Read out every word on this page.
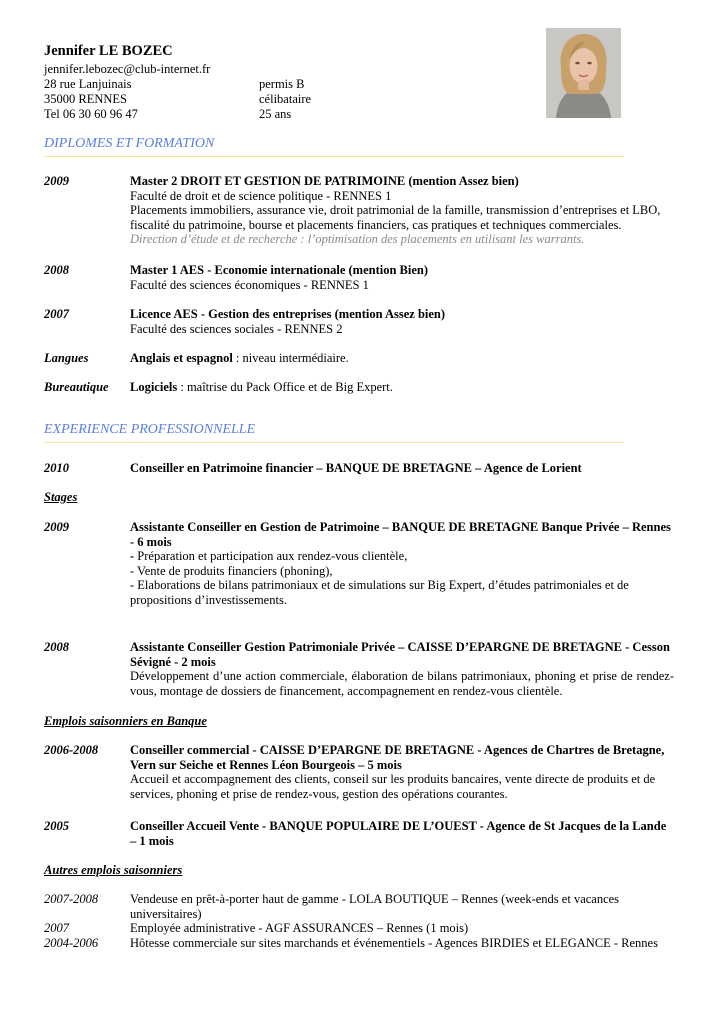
Jennifer LE BOZEC
jennifer.lebozec@club-internet.fr
28 rue Lanjuinais	permis B
35000 RENNES	célibataire
Tel 06 30 60 96 47	25 ans
DIPLOMES ET FORMATION
2009	Master 2 DROIT ET GESTION DE PATRIMOINE (mention Assez bien)
Faculté de droit et de science politique - RENNES 1
Placements immobiliers, assurance vie, droit patrimonial de la famille, transmission d’entreprises et LBO, fiscalité du patrimoine, bourse et placements financiers, cas pratiques et techniques commerciales.
Direction d’étude et de recherche : l’optimisation des placements en utilisant les warrants.
2008	Master 1 AES - Economie internationale (mention Bien)
Faculté des sciences économiques - RENNES 1
2007	Licence AES - Gestion des entreprises (mention Assez bien)
Faculté des sciences sociales - RENNES 2
Langues	Anglais et espagnol : niveau intermédiaire.
Bureautique	Logiciels : maîtrise du Pack Office et de Big Expert.
EXPERIENCE PROFESSIONNELLE
2010	Conseiller en Patrimoine financier – BANQUE DE BRETAGNE – Agence de Lorient
Stages
2009	Assistante Conseiller en Gestion de Patrimoine – BANQUE DE BRETAGNE Banque Privée – Rennes - 6 mois
- Préparation et participation aux rendez-vous clientèle,
- Vente de produits financiers (phoning),
- Elaborations de bilans patrimoniaux et de simulations sur Big Expert, d’études patrimoniales et de propositions d’investissements.
2008	Assistante Conseiller Gestion Patrimoniale Privée – CAISSE D’EPARGNE DE BRETAGNE - Cesson Sévigné - 2 mois
Développement d’une action commerciale, élaboration de bilans patrimoniaux, phoning et prise de rendez-vous, montage de dossiers de financement, accompagnement en rendez-vous clientèle.
Emplois saisonniers en Banque
2006-2008	Conseiller commercial - CAISSE D’EPARGNE DE BRETAGNE - Agences de Chartres de Bretagne, Vern sur Seiche et Rennes Léon Bourgeois – 5 mois
Accueil et accompagnement des clients, conseil sur les produits bancaires, vente directe de produits et de services, phoning et prise de rendez-vous, gestion des opérations courantes.
2005	Conseiller Accueil Vente - BANQUE POPULAIRE DE L’OUEST - Agence de St Jacques de la Lande – 1 mois
Autres emplois saisonniers
2007-2008	Vendeuse en prêt-à-porter haut de gamme - LOLA BOUTIQUE – Rennes (week-ends et vacances universitaires)
2007	Employée administrative - AGF ASSURANCES – Rennes (1 mois)
2004-2006	Hôtesse commerciale sur sites marchands et événementiels - Agences BIRDIES et ELEGANCE - Rennes
